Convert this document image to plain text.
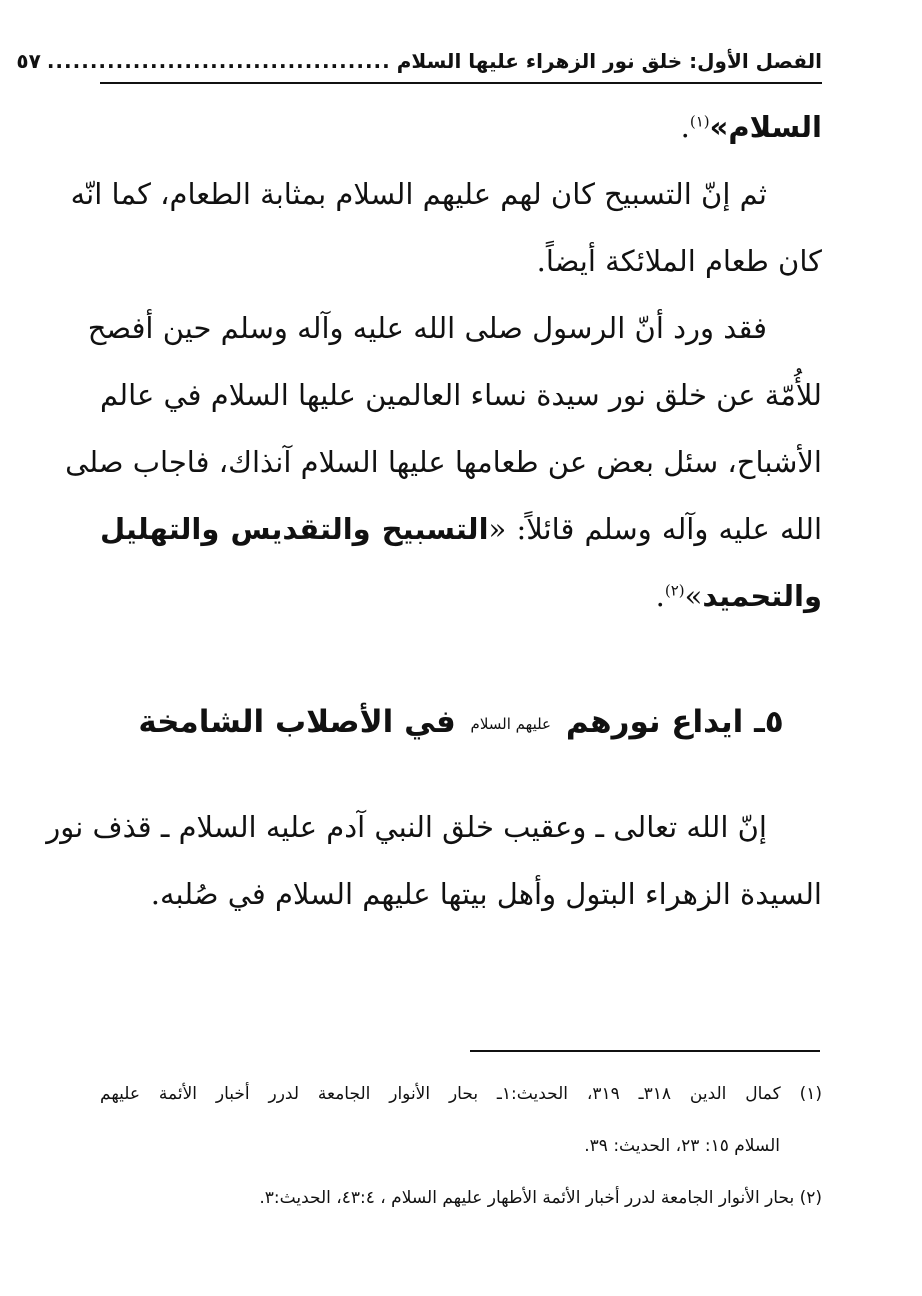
الفصل الأول: خلق نور الزهراء عليها السلام
........................................
٥٧
السلام»$^{(١)}$.
ثم إنّ التسبيح كان لهم عليهم السلام بمثابة الطعام، كما انّه
كان طعام الملائكة أيضاً.
فقد ورد أنّ الرسول صلى الله عليه وآله وسلم حين أفصح
للأُمّة عن خلق نور سيدة نساء العالمين عليها السلام في عالم
الأشباح، سئل بعض عن طعامها عليها السلام آنذاك، فاجاب صلى
الله عليه وآله وسلم قائلاً: «التسبيح والتقديس والتهليل
والتحميد»$^{(٢)}$.
٥ـ ايداع نورهم عليهم السلام في الأصلاب الشامخة
إنّ الله تعالى ـ وعقيب خلق النبي آدم عليه السلام ـ قذف نور
السيدة الزهراء البتول وأهل بيتها عليهم السلام في صُلبه.
(١) كمال الدين ٣١٨ـ ٣١٩، الحديث:١ـ بحار الأنوار الجامعة لدرر أخبار الأئمة عليهم
السلام ١٥: ٢٣، الحديث: ٣٩.
(٢) بحار الأنوار الجامعة لدرر أخبار الأئمة الأطهار عليهم السلام ، ٤٣:٤، الحديث:٣.
